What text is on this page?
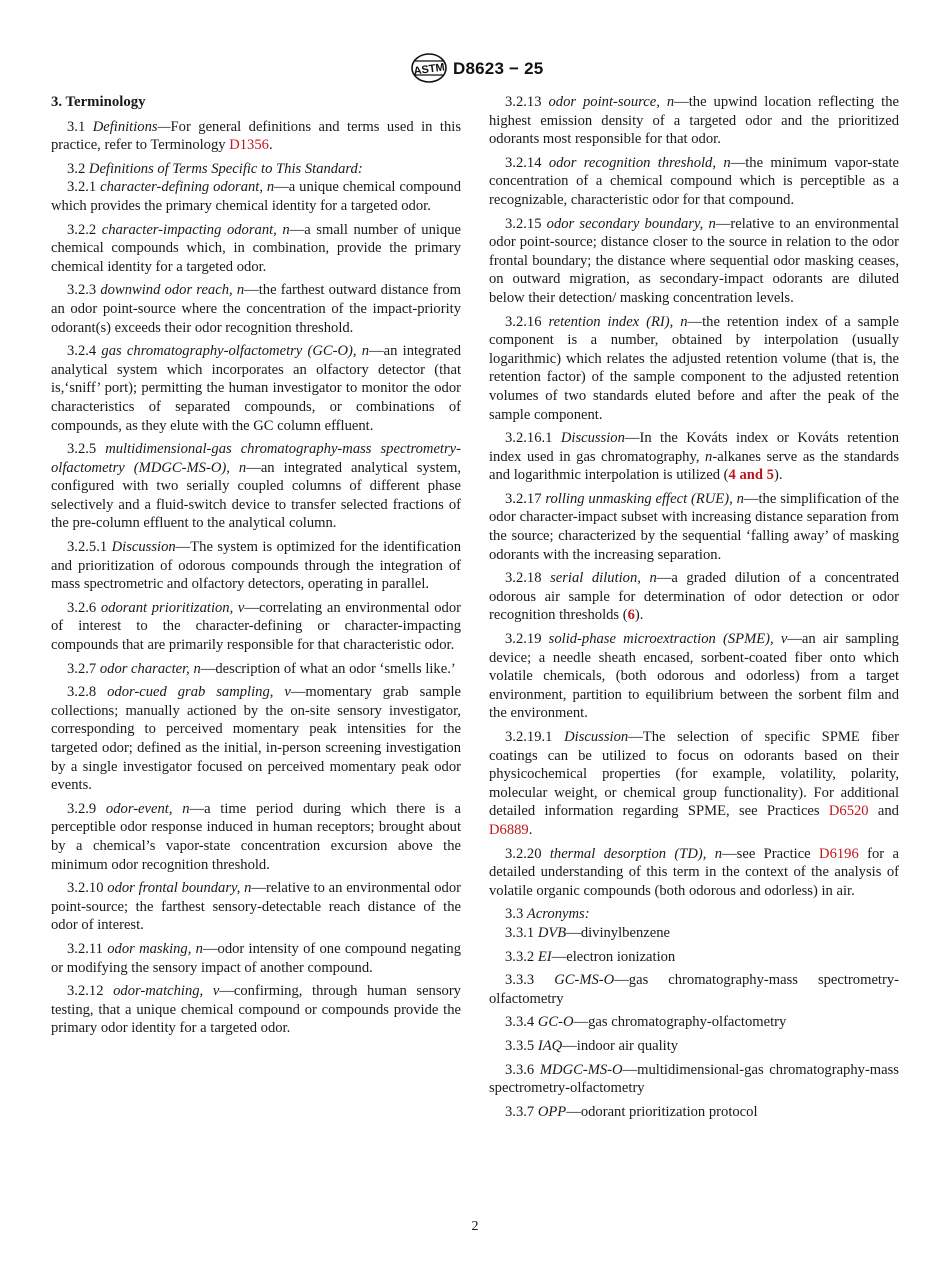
ASTM D8623 − 25
3. Terminology

3.1 Definitions—For general definitions and terms used in this practice, refer to Terminology D1356.

3.2 Definitions of Terms Specific to This Standard:

3.2.1 character-defining odorant, n—a unique chemical compound which provides the primary chemical identity for a targeted odor.

3.2.2 character-impacting odorant, n—a small number of unique chemical compounds which, in combination, provide the primary chemical identity for a targeted odor.

3.2.3 downwind odor reach, n—the farthest outward distance from an odor point-source where the concentration of the impact-priority odorant(s) exceeds their odor recognition threshold.

3.2.4 gas chromatography-olfactometry (GC-O), n—an integrated analytical system which incorporates an olfactory detector (that is,‘sniff’ port); permitting the human investigator to monitor the odor characteristics of separated compounds, or combinations of compounds, as they elute with the GC column effluent.

3.2.5 multidimensional-gas chromatography-mass spectrometry-olfactometry (MDGC-MS-O), n—an integrated analytical system, configured with two serially coupled columns of different phase selectively and a fluid-switch device to transfer selected fractions of the pre-column effluent to the analytical column.

3.2.5.1 Discussion—The system is optimized for the identification and prioritization of odorous compounds through the integration of mass spectrometric and olfactory detectors, operating in parallel.

3.2.6 odorant prioritization, v—correlating an environmental odor of interest to the character-defining or character-impacting compounds that are primarily responsible for that characteristic odor.

3.2.7 odor character, n—description of what an odor ‘smells like.’

3.2.8 odor-cued grab sampling, v—momentary grab sample collections; manually actioned by the on-site sensory investigator, corresponding to perceived momentary peak intensities for the targeted odor; defined as the initial, in-person screening investigation by a single investigator focused on perceived momentary peak odor events.

3.2.9 odor-event, n—a time period during which there is a perceptible odor response induced in human receptors; brought about by a chemical’s vapor-state concentration excursion above the minimum odor recognition threshold.

3.2.10 odor frontal boundary, n—relative to an environmental odor point-source; the farthest sensory-detectable reach distance of the odor of interest.

3.2.11 odor masking, n—odor intensity of one compound negating or modifying the sensory impact of another compound.

3.2.12 odor-matching, v—confirming, through human sensory testing, that a unique chemical compound or compounds provide the primary odor identity for a targeted odor.

3.2.13 odor point-source, n—the upwind location reflecting the highest emission density of a targeted odor and the prioritized odorants most responsible for that odor.

3.2.14 odor recognition threshold, n—the minimum vapor-state concentration of a chemical compound which is perceptible as a recognizable, characteristic odor for that compound.

3.2.15 odor secondary boundary, n—relative to an environmental odor point-source; distance closer to the source in relation to the odor frontal boundary; the distance where sequential odor masking ceases, on outward migration, as secondary-impact odorants are diluted below their detection/ masking concentration levels.

3.2.16 retention index (RI), n—the retention index of a sample component is a number, obtained by interpolation (usually logarithmic) which relates the adjusted retention volume (that is, the retention factor) of the sample component to the adjusted retention volumes of two standards eluted before and after the peak of the sample component.

3.2.16.1 Discussion—In the Kováts index or Kováts retention index used in gas chromatography, n-alkanes serve as the standards and logarithmic interpolation is utilized (4 and 5).

3.2.17 rolling unmasking effect (RUE), n—the simplification of the odor character-impact subset with increasing distance separation from the source; characterized by the sequential ‘falling away’ of masking odorants with the increasing separation.

3.2.18 serial dilution, n—a graded dilution of a concentrated odorous air sample for determination of odor detection or odor recognition thresholds (6).

3.2.19 solid-phase microextraction (SPME), v—an air sampling device; a needle sheath encased, sorbent-coated fiber onto which volatile chemicals, (both odorous and odorless) from a target environment, partition to equilibrium between the sorbent film and the environment.

3.2.19.1 Discussion—The selection of specific SPME fiber coatings can be utilized to focus on odorants based on their physicochemical properties (for example, volatility, polarity, molecular weight, or chemical group functionality). For additional detailed information regarding SPME, see Practices D6520 and D6889.

3.2.20 thermal desorption (TD), n—see Practice D6196 for a detailed understanding of this term in the context of the analysis of volatile organic compounds (both odorous and odorless) in air.

3.3 Acronyms:

3.3.1 DVB—divinylbenzene

3.3.2 EI—electron ionization

3.3.3 GC-MS-O—gas chromatography-mass spectrometry-olfactometry

3.3.4 GC-O—gas chromatography-olfactometry

3.3.5 IAQ—indoor air quality

3.3.6 MDGC-MS-O—multidimensional-gas chromatography-mass spectrometry-olfactometry

3.3.7 OPP—odorant prioritization protocol

2
